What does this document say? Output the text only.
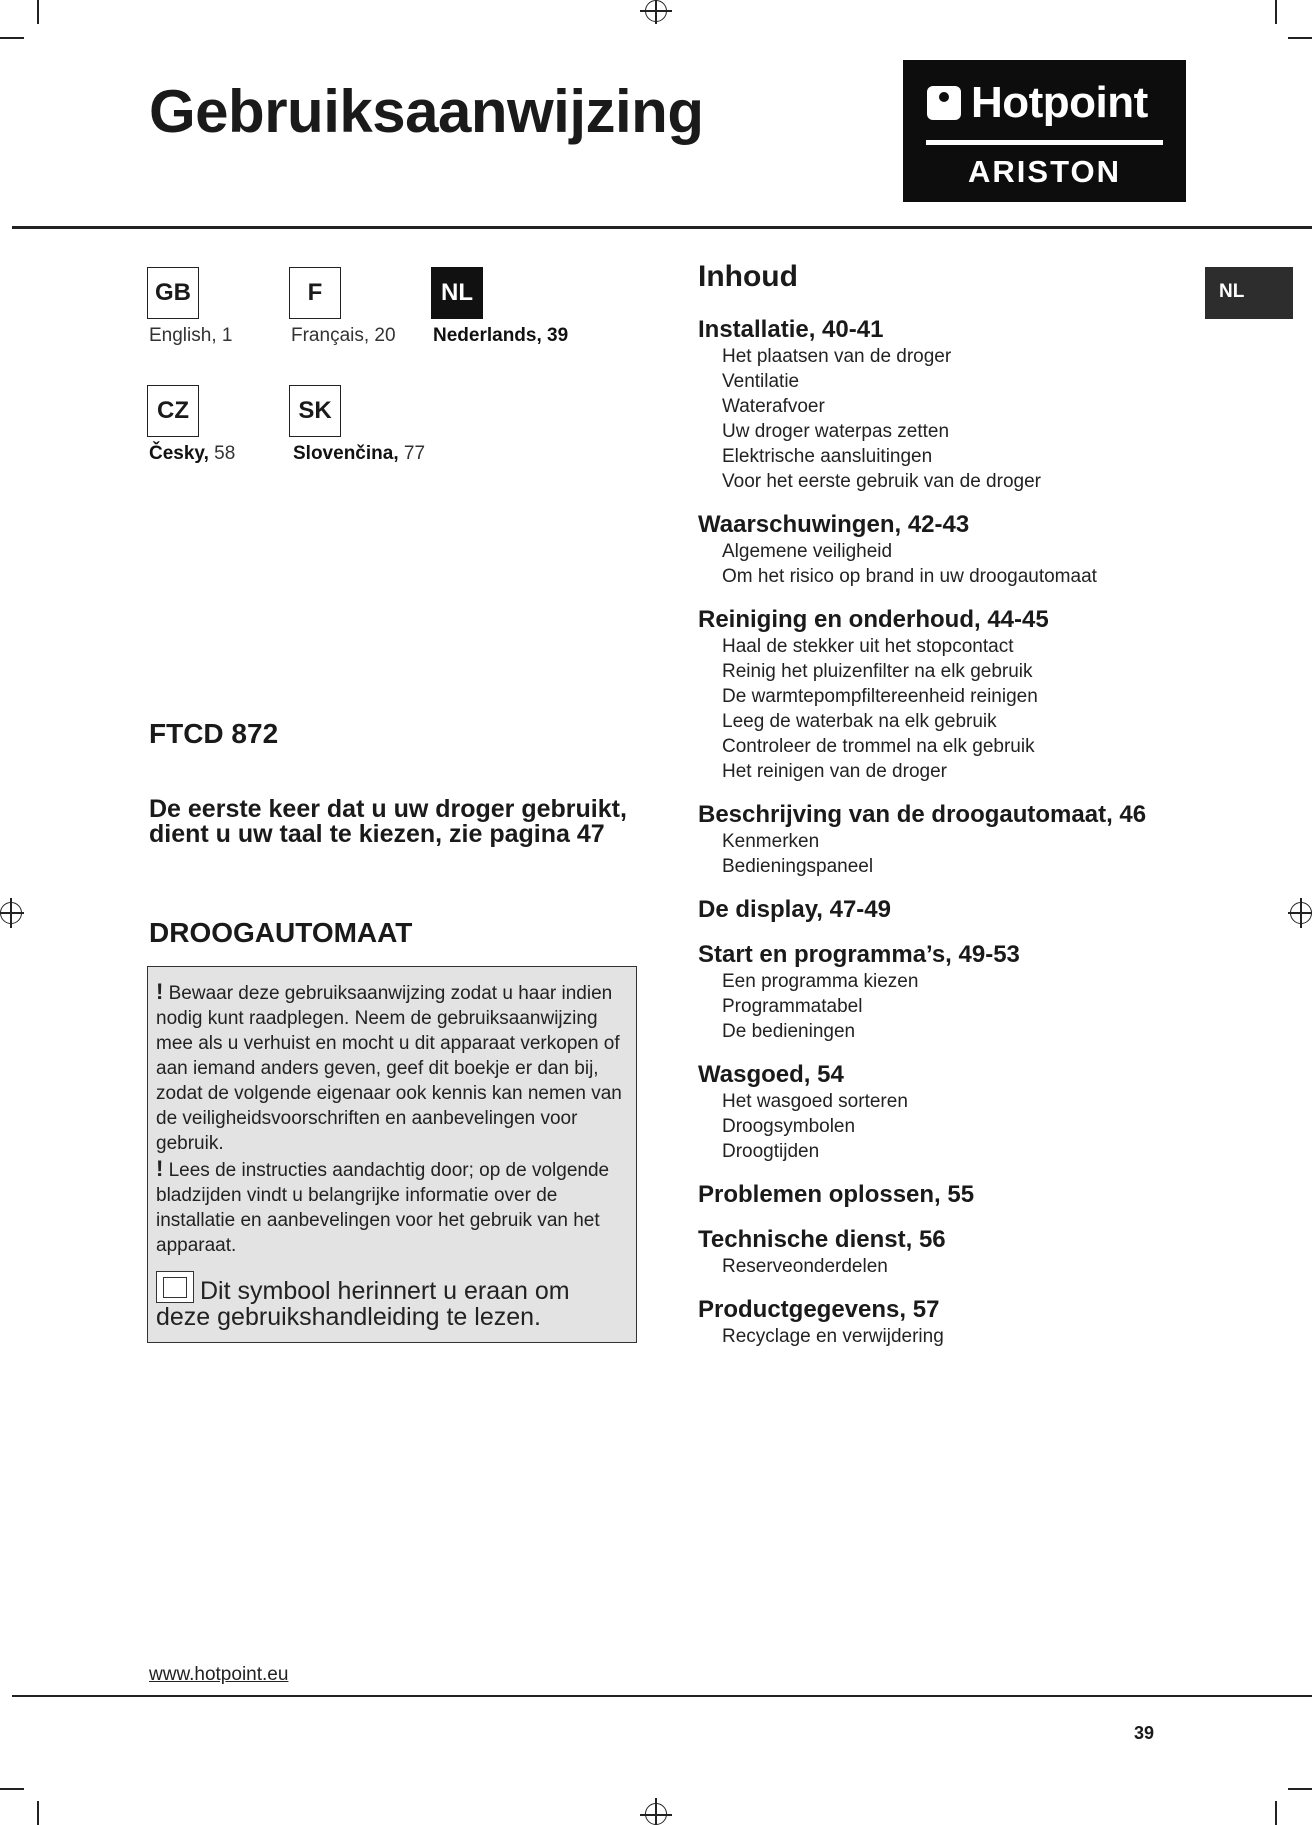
Gebruiksaanwijzing	Hotpoint
ARISTON
GB
English, 1
F
Français, 20
NL
Nederlands, 39
CZ
Česky, 58
SK
Slovenčina, 77
FTCD 872
De eerste keer dat u uw droger gebruikt, dient u uw taal te kiezen, zie pagina 47
DROOGAUTOMAAT

! Bewaar deze gebruiksaanwijzing zodat u haar indien nodig kunt raadplegen. Neem de gebruiksaanwijzing mee als u verhuist en mocht u dit apparaat verkopen of aan iemand anders geven, geef dit boekje er dan bij, zodat de volgende eigenaar ook kennis kan nemen van de veiligheidsvoorschriften en aanbevelingen voor gebruik.

! Lees de instructies aandachtig door; op de volgende bladzijden vindt u belangrijke informatie over de installatie en aanbevelingen voor het gebruik van het apparaat.

Dit symbool herinnert u eraan om deze gebruikshandleiding te lezen.
Inhoud
Installatie, 40-41
Het plaatsen van de droger
Ventilatie
Waterafvoer
Uw droger waterpas zetten
Elektrische aansluitingen
Voor het eerste gebruik van de droger
Waarschuwingen, 42-43
Algemene veiligheid
Om het risico op brand in uw droogautomaat
Reiniging en onderhoud, 44-45
Haal de stekker uit het stopcontact
Reinig het pluizenfilter na elk gebruik
De warmtepompfiltereenheid reinigen
Leeg de waterbak na elk gebruik
Controleer de trommel na elk gebruik
Het reinigen van de droger
Beschrijving van de droogautomaat, 46
Kenmerken
Bedieningspaneel
De display, 47-49
Start en programma’s, 49-53
Een programma kiezen
Programmatabel
De bedieningen
Wasgoed, 54
Het wasgoed sorteren
Droogsymbolen
Droogtijden
Problemen oplossen, 55
Technische dienst, 56
Reserveonderdelen
Productgegevens, 57
Recyclage en verwijdering
NL
www.hotpoint.eu
39
